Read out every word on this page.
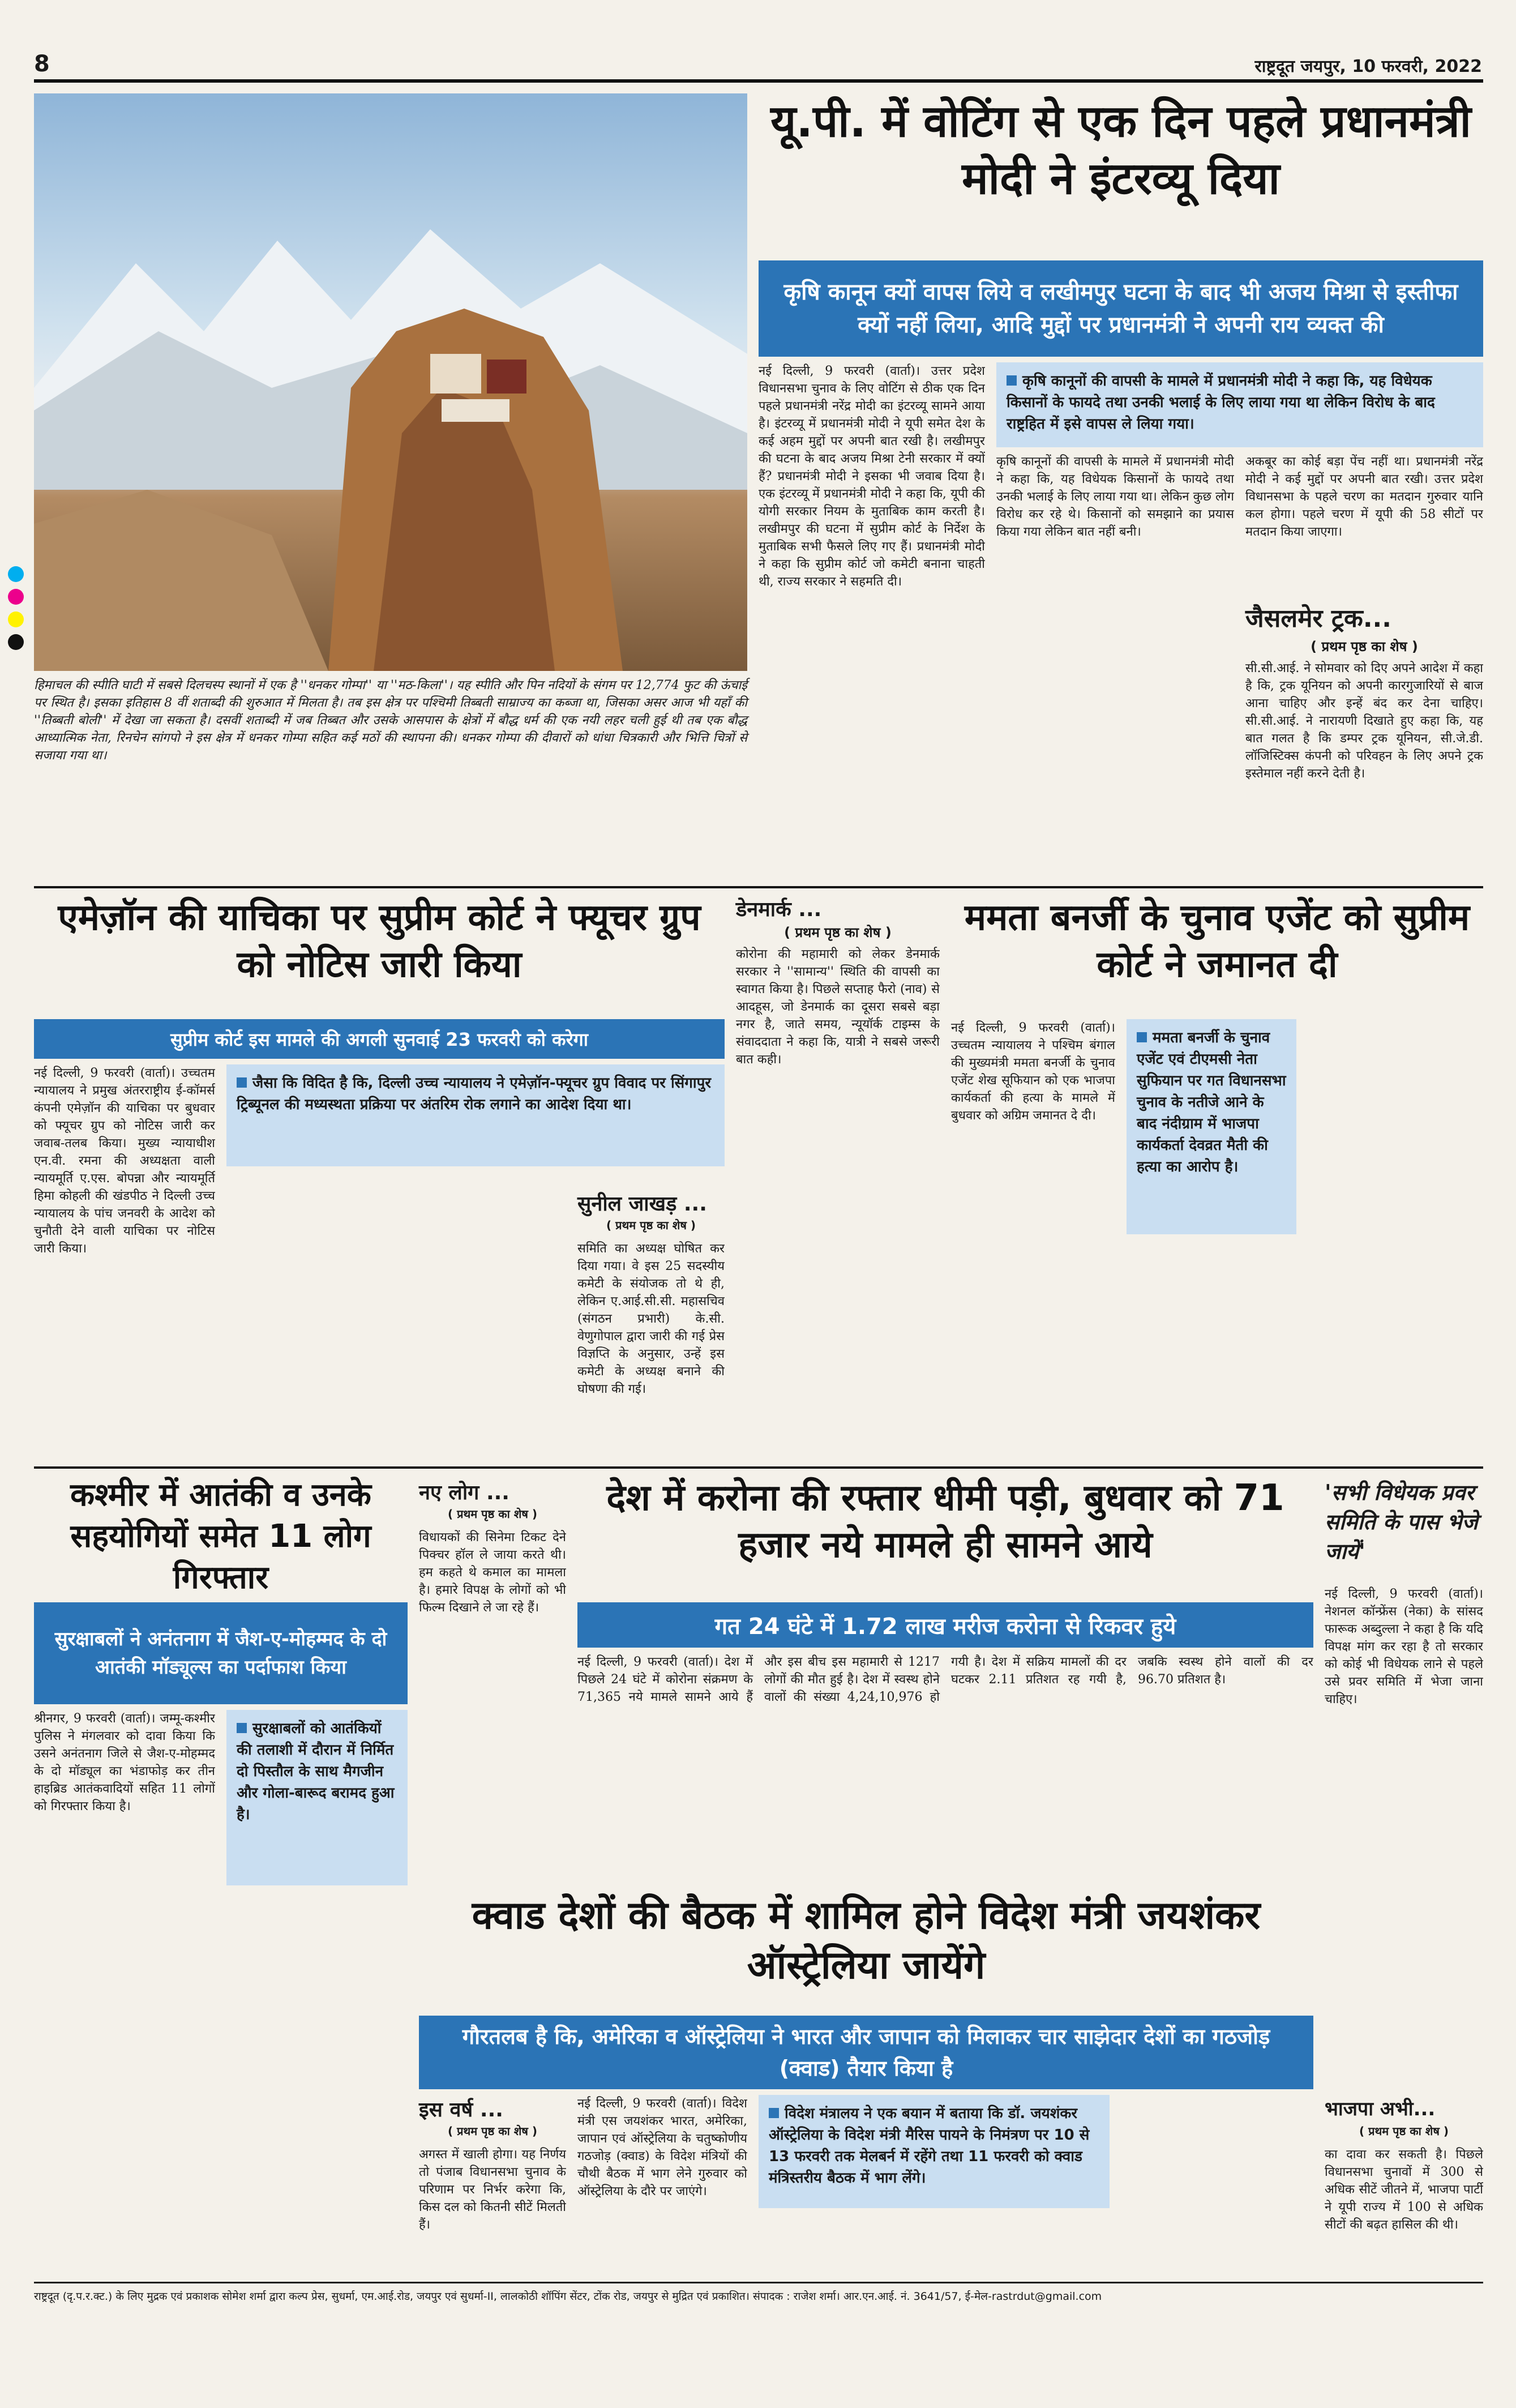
8	राष्ट्रदूत जयपुर, 10 फरवरी, 2022
हिमाचल की स्पीति घाटी में सबसे दिलचस्प स्थानों में एक है ''धनकर गोम्पा'' या ''मठ-किला''। यह स्पीति और पिन नदियों के संगम पर 12,774 फुट की ऊंचाई पर स्थित है। इसका इतिहास 8 वीं शताब्दी की शुरुआत में मिलता है। तब इस क्षेत्र पर पश्चिमी तिब्बती साम्राज्य का कब्जा था, जिसका असर आज भी यहाँ की ''तिब्बती बोली'' में देखा जा सकता है। दसवीं शताब्दी में जब तिब्बत और उसके आसपास के क्षेत्रों में बौद्ध धर्म की एक नयी लहर चली हुई थी तब एक बौद्ध आध्यात्मिक नेता, रिनचेन सांगपो ने इस क्षेत्र में धनकर गोम्पा सहित कई मठों की स्थापना की। धनकर गोम्पा की दीवारों को धांधा चित्रकारी और भित्ति चित्रों से सजाया गया था।
यू.पी. में वोटिंग से एक दिन पहले प्रधानमंत्री मोदी ने इंटरव्यू दिया
कृषि कानून क्यों वापस लिये व लखीमपुर घटना के बाद भी अजय मिश्रा से इस्तीफा क्यों नहीं लिया, आदि मुद्दों पर प्रधानमंत्री ने अपनी राय व्यक्त की
नई दिल्ली, 9 फरवरी (वार्ता)। उत्तर प्रदेश विधानसभा चुनाव के लिए वोटिंग से ठीक एक दिन पहले प्रधानमंत्री नरेंद्र मोदी का इंटरव्यू सामने आया है। इंटरव्यू में प्रधानमंत्री मोदी ने यूपी समेत देश के कई अहम मुद्दों पर अपनी बात रखी है। लखीमपुर की घटना के बाद अजय मिश्रा टेनी सरकार में क्यों हैं? प्रधानमंत्री मोदी ने इसका भी जवाब दिया है। एक इंटरव्यू में प्रधानमंत्री मोदी ने कहा कि, यूपी की योगी सरकार नियम के मुताबिक काम करती है। लखीमपुर की घटना में सुप्रीम कोर्ट के निर्देश के मुताबिक सभी फैसले लिए गए हैं। प्रधानमंत्री मोदी ने कहा कि सुप्रीम कोर्ट जो कमेटी बनाना चाहती थी, राज्य सरकार ने सहमति दी।
कृषि कानूनों की वापसी के मामले में प्रधानमंत्री मोदी ने कहा कि, यह विधेयक किसानों के फायदे तथा उनकी भलाई के लिए लाया गया था लेकिन विरोध के बाद राष्ट्रहित में इसे वापस ले लिया गया।
कृषि कानूनों की वापसी के मामले में प्रधानमंत्री मोदी ने कहा कि, यह विधेयक किसानों के फायदे तथा उनकी भलाई के लिए लाया गया था। लेकिन कुछ लोग विरोध कर रहे थे। किसानों को समझाने का प्रयास किया गया लेकिन बात नहीं बनी।
अकबूर का कोई बड़ा पेंच नहीं था। प्रधानमंत्री नरेंद्र मोदी ने कई मुद्दों पर अपनी बात रखी। उत्तर प्रदेश विधानसभा के पहले चरण का मतदान गुरुवार यानि कल होगा। पहले चरण में यूपी की 58 सीटों पर मतदान किया जाएगा।
जैसलमेर ट्रक...
( प्रथम पृष्ठ का शेष )
सी.सी.आई. ने सोमवार को दिए अपने आदेश में कहा है कि, ट्रक यूनियन को अपनी कारगुजारियों से बाज आना चाहिए और इन्हें बंद कर देना चाहिए। सी.सी.आई. ने नारायणी दिखाते हुए कहा कि, यह बात गलत है कि डम्पर ट्रक यूनियन, सी.जे.डी. लॉजिस्टिक्स कंपनी को परिवहन के लिए अपने ट्रक इस्तेमाल नहीं करने देती है।
एमेज़ॉन की याचिका पर सुप्रीम कोर्ट ने फ्यूचर ग्रुप को नोटिस जारी किया
सुप्रीम कोर्ट इस मामले की अगली सुनवाई 23 फरवरी को करेगा
नई दिल्ली, 9 फरवरी (वार्ता)। उच्चतम न्यायालय ने प्रमुख अंतरराष्ट्रीय ई-कॉमर्स कंपनी एमेज़ॉन की याचिका पर बुधवार को फ्यूचर ग्रुप को नोटिस जारी कर जवाब-तलब किया। मुख्य न्यायाधीश एन.वी. रमना की अध्यक्षता वाली न्यायमूर्ति ए.एस. बोपन्ना और न्यायमूर्ति हिमा कोहली की खंडपीठ ने दिल्ली उच्च न्यायालय के पांच जनवरी के आदेश को चुनौती देने वाली याचिका पर नोटिस जारी किया।
जैसा कि विदित है कि, दिल्ली उच्च न्यायालय ने एमेज़ॉन-फ्यूचर ग्रुप विवाद पर सिंगापुर ट्रिब्यूनल की मध्यस्थता प्रक्रिया पर अंतरिम रोक लगाने का आदेश दिया था।
डेनमार्क ...
( प्रथम पृष्ठ का शेष )
कोरोना की महामारी को लेकर डेनमार्क सरकार ने ''सामान्य'' स्थिति की वापसी का स्वागत किया है। पिछले सप्ताह फैरो (नाव) से आदहूस, जो डेनमार्क का दूसरा सबसे बड़ा नगर है, जाते समय, न्यूयॉर्क टाइम्स के संवाददाता ने कहा कि, यात्री ने सबसे जरूरी बात कही।
सुनील जाखड़ ...
( प्रथम पृष्ठ का शेष )
समिति का अध्यक्ष घोषित कर दिया गया। वे इस 25 सदस्यीय कमेटी के संयोजक तो थे ही, लेकिन ए.आई.सी.सी. महासचिव (संगठन प्रभारी) के.सी. वेणुगोपाल द्वारा जारी की गई प्रेस विज्ञप्ति के अनुसार, उन्हें इस कमेटी के अध्यक्ष बनाने की घोषणा की गई।
ममता बनर्जी के चुनाव एजेंट को सुप्रीम कोर्ट ने जमानत दी
नई दिल्ली, 9 फरवरी (वार्ता)। उच्चतम न्यायालय ने पश्चिम बंगाल की मुख्यमंत्री ममता बनर्जी के चुनाव एजेंट शेख सूफियान को एक भाजपा कार्यकर्ता की हत्या के मामले में बुधवार को अग्रिम जमानत दे दी।
ममता बनर्जी के चुनाव एजेंट एवं टीएमसी नेता सुफियान पर गत विधानसभा चुनाव के नतीजे आने के बाद नंदीग्राम में भाजपा कार्यकर्ता देवव्रत मैती की हत्या का आरोप है।
कश्मीर में आतंकी व उनके सहयोगियों समेत 11 लोग गिरफ्तार
सुरक्षाबलों ने अनंतनाग में जैश-ए-मोहम्मद के दो आतंकी मॉड्यूल्स का पर्दाफाश किया
श्रीनगर, 9 फरवरी (वार्ता)। जम्मू-कश्मीर पुलिस ने मंगलवार को दावा किया कि उसने अनंतनाग जिले से जैश-ए-मोहम्मद के दो मॉड्यूल का भंडाफोड़ कर तीन हाइब्रिड आतंकवादियों सहित 11 लोगों को गिरफ्तार किया है।
सुरक्षाबलों को आतंकियों की तलाशी में दौरान में निर्मित दो पिस्तौल के साथ मैगजीन और गोला-बारूद बरामद हुआ है।
नए लोग ...
( प्रथम पृष्ठ का शेष )
विधायकों की सिनेमा टिकट देने पिक्चर हॉल ले जाया करते थी। हम कहते थे कमाल का मामला है। हमारे विपक्ष के लोगों को भी फिल्म दिखाने ले जा रहे हैं।
देश में करोना की रफ्तार धीमी पड़ी, बुधवार को 71 हजार नये मामले ही सामने आये
गत 24 घंटे में 1.72 लाख मरीज करोना से रिकवर हुये
नई दिल्ली, 9 फरवरी (वार्ता)। देश में पिछले 24 घंटे में कोरोना संक्रमण के 71,365 नये मामले सामने आये हैं और इस बीच इस महामारी से 1217 लोगों की मौत हुई है। देश में स्वस्थ होने वालों की संख्या 4,24,10,976 हो गयी है। देश में सक्रिय मामलों की दर घटकर 2.11 प्रतिशत रह गयी है, जबकि स्वस्थ होने वालों की दर 96.70 प्रतिशत है।
'सभी विधेयक प्रवर समिति के पास भेजे जायें'
नई दिल्ली, 9 फरवरी (वार्ता)। नेशनल कॉन्फ्रेंस (नेका) के सांसद फारूक अब्दुल्ला ने कहा है कि यदि विपक्ष मांग कर रहा है तो सरकार को कोई भी विधेयक लाने से पहले उसे प्रवर समिति में भेजा जाना चाहिए।
क्वाड देशों की बैठक में शामिल होने विदेश मंत्री जयशंकर ऑस्ट्रेलिया जायेंगे
गौरतलब है कि, अमेरिका व ऑस्ट्रेलिया ने भारत और जापान को मिलाकर चार साझेदार देशों का गठजोड़ (क्वाड) तैयार किया है
नई दिल्ली, 9 फरवरी (वार्ता)। विदेश मंत्री एस जयशंकर भारत, अमेरिका, जापान एवं ऑस्ट्रेलिया के चतुष्कोणीय गठजोड़ (क्वाड) के विदेश मंत्रियों की चौथी बैठक में भाग लेने गुरुवार को ऑस्ट्रेलिया के दौरे पर जाएंगे।
विदेश मंत्रालय ने एक बयान में बताया कि डॉ. जयशंकर ऑस्ट्रेलिया के विदेश मंत्री मैरिस पायने के निमंत्रण पर 10 से 13 फरवरी तक मेलबर्न में रहेंगे तथा 11 फरवरी को क्वाड मंत्रिस्तरीय बैठक में भाग लेंगे।
इस वर्ष ...
( प्रथम पृष्ठ का शेष )
अगस्त में खाली होगा। यह निर्णय तो पंजाब विधानसभा चुनाव के परिणाम पर निर्भर करेगा कि, किस दल को कितनी सीटें मिलती हैं।
भाजपा अभी...
( प्रथम पृष्ठ का शेष )
का दावा कर सकती है। पिछले विधानसभा चुनावों में 300 से अधिक सीटें जीतने में, भाजपा पार्टी ने यूपी राज्य में 100 से अधिक सीटों की बढ़त हासिल की थी।
राष्ट्रदूत (दृ.प.र.क्ट.) के लिए मुद्रक एवं प्रकाशक सोमेश शर्मा द्वारा कल्प प्रेस, सुधर्मा, एम.आई.रोड, जयपुर एवं सुधर्मा-II, लालकोठी शॉपिंग सेंटर, टोंक रोड, जयपुर से मुद्रित एवं प्रकाशित। संपादक : राजेश शर्मा। आर.एन.आई. नं. 3641/57, ई-मेल-rastrdut@gmail.com
